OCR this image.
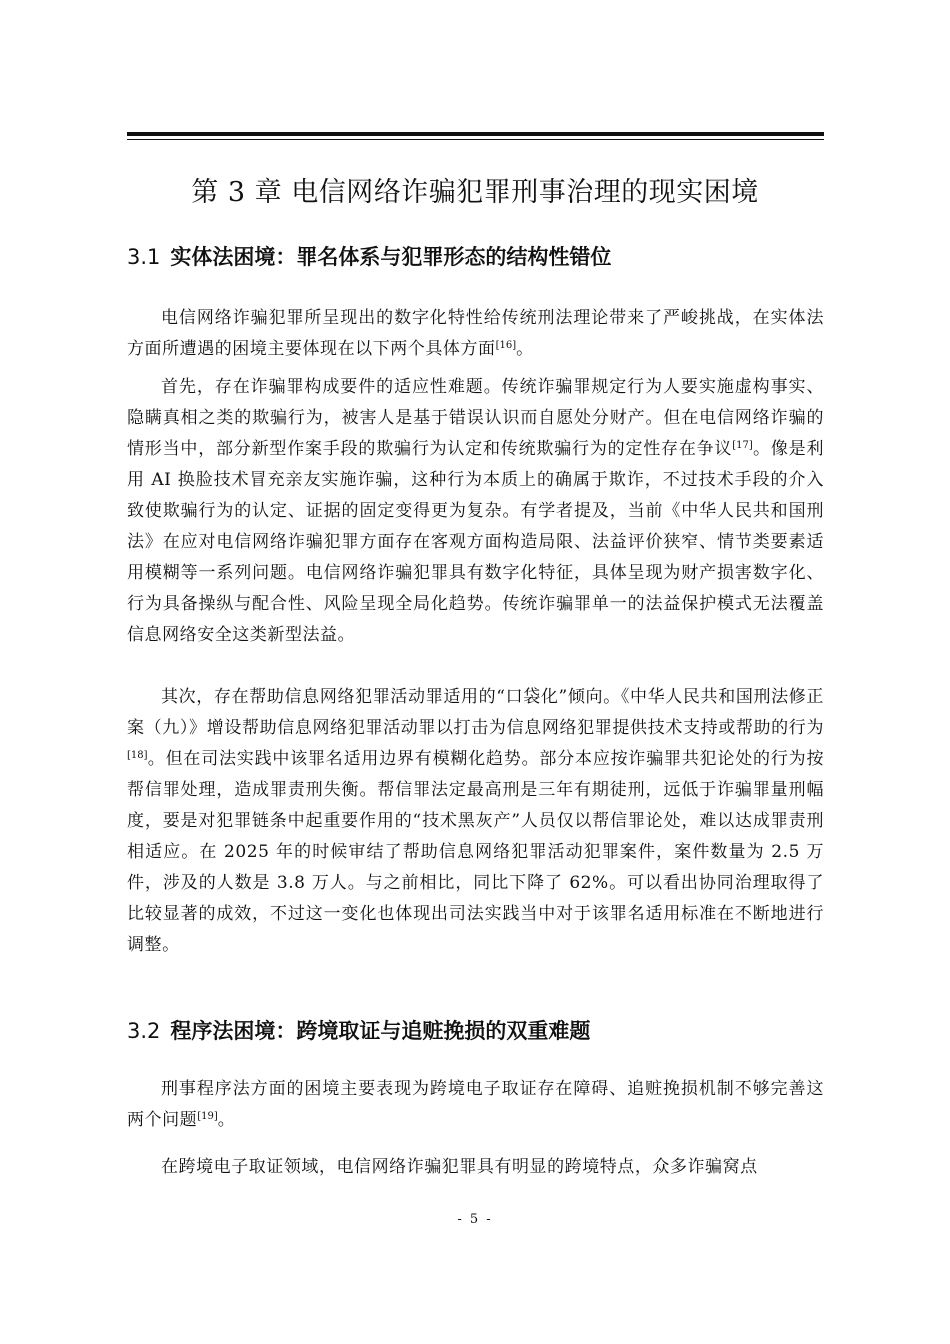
第 3 章 电信网络诈骗犯罪刑事治理的现实困境
3.1 实体法困境：罪名体系与犯罪形态的结构性错位
电信网络诈骗犯罪所呈现出的数字化特性给传统刑法理论带来了严峻挑战，在实体法方面所遭遇的困境主要体现在以下两个具体方面[16]。
首先，存在诈骗罪构成要件的适应性难题。传统诈骗罪规定行为人要实施虚构事实、隐瞒真相之类的欺骗行为，被害人是基于错误认识而自愿处分财产。但在电信网络诈骗的情形当中，部分新型作案手段的欺骗行为认定和传统欺骗行为的定性存在争议[17]。像是利用 AI 换脸技术冒充亲友实施诈骗，这种行为本质上的确属于欺诈，不过技术手段的介入致使欺骗行为的认定、证据的固定变得更为复杂。有学者提及，当前《中华人民共和国刑法》在应对电信网络诈骗犯罪方面存在客观方面构造局限、法益评价狭窄、情节类要素适用模糊等一系列问题。电信网络诈骗犯罪具有数字化特征，具体呈现为财产损害数字化、行为具备操纵与配合性、风险呈现全局化趋势。传统诈骗罪单一的法益保护模式无法覆盖信息网络安全这类新型法益。
其次，存在帮助信息网络犯罪活动罪适用的“口袋化”倾向。《中华人民共和国刑法修正案（九）》增设帮助信息网络犯罪活动罪以打击为信息网络犯罪提供技术支持或帮助的行为[18]。但在司法实践中该罪名适用边界有模糊化趋势。部分本应按诈骗罪共犯论处的行为按帮信罪处理，造成罪责刑失衡。帮信罪法定最高刑是三年有期徒刑，远低于诈骗罪量刑幅度，要是对犯罪链条中起重要作用的“技术黑灰产”人员仅以帮信罪论处，难以达成罪责刑相适应。在 2025 年的时候审结了帮助信息网络犯罪活动犯罪案件，案件数量为 2.5 万件，涉及的人数是 3.8 万人。与之前相比，同比下降了 62%。可以看出协同治理取得了比较显著的成效，不过这一变化也体现出司法实践当中对于该罪名适用标准在不断地进行调整。
3.2 程序法困境：跨境取证与追赃挽损的双重难题
刑事程序法方面的困境主要表现为跨境电子取证存在障碍、追赃挽损机制不够完善这两个问题[19]。
在跨境电子取证领域，电信网络诈骗犯罪具有明显的跨境特点，众多诈骗窝点
- 5 -
